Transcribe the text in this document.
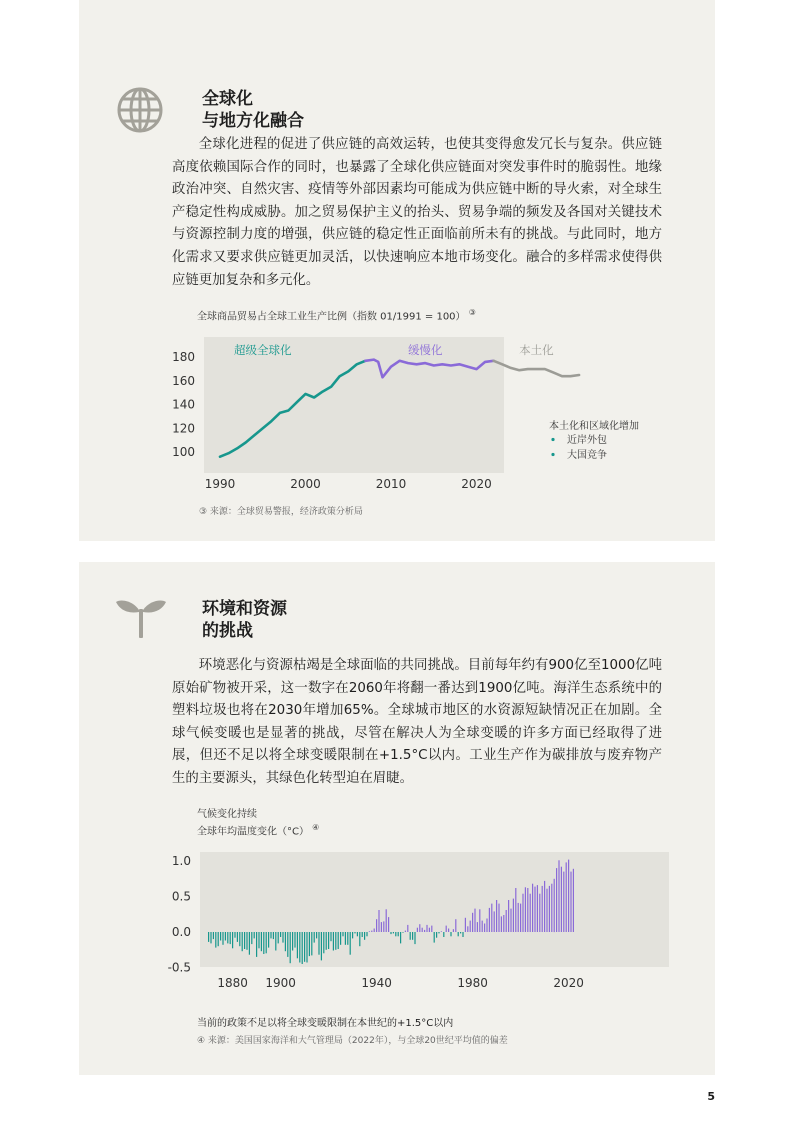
全球化
与地方化融合
全球化进程的促进了供应链的高效运转，也使其变得愈发冗长与复杂。供应链高度依赖国际合作的同时，也暴露了全球化供应链面对突发事件时的脆弱性。地缘政治冲突、自然灾害、疫情等外部因素均可能成为供应链中断的导火索，对全球生产稳定性构成威胁。加之贸易保护主义的抬头、贸易争端的频发及各国对关键技术与资源控制力度的增强，供应链的稳定性正面临前所未有的挑战。与此同时，地方化需求又要求供应链更加灵活，以快速响应本地市场变化。融合的多样需求使得供应链更加复杂和多元化。
全球商品贸易占全球工业生产比例（指数 01/1991 = 100） ③
③ 来源：全球贸易警报，经济政策分析局
100
120
140
160
180
1990	2000	2010	2020
超级全球化	缓慢化	本土化
本土化和区域化增加
近岸外包
大国竞争
环境和资源
的挑战
环境恶化与资源枯竭是全球面临的共同挑战。目前每年约有900亿至1000亿吨原始矿物被开采，这一数字在2060年将翻一番达到1900亿吨。海洋生态系统中的塑料垃圾也将在2030年增加65%。全球城市地区的水资源短缺情况正在加剧。全球气候变暖也是显著的挑战，尽管在解决人为全球变暖的许多方面已经取得了进展，但还不足以将全球变暖限制在+1.5°C以内。工业生产作为碳排放与废弃物产生的主要源头，其绿色化转型迫在眉睫。
气候变化持续
全球年均温度变化（°C） ④
当前的政策不足以将全球变暖限制在本世纪的+1.5°C以内
④ 来源：美国国家海洋和大气管理局（2022年），与全球20世纪平均值的偏差
1.0
0.5
0.0
-0.5
1880 1900	1940	1980	2020
5
